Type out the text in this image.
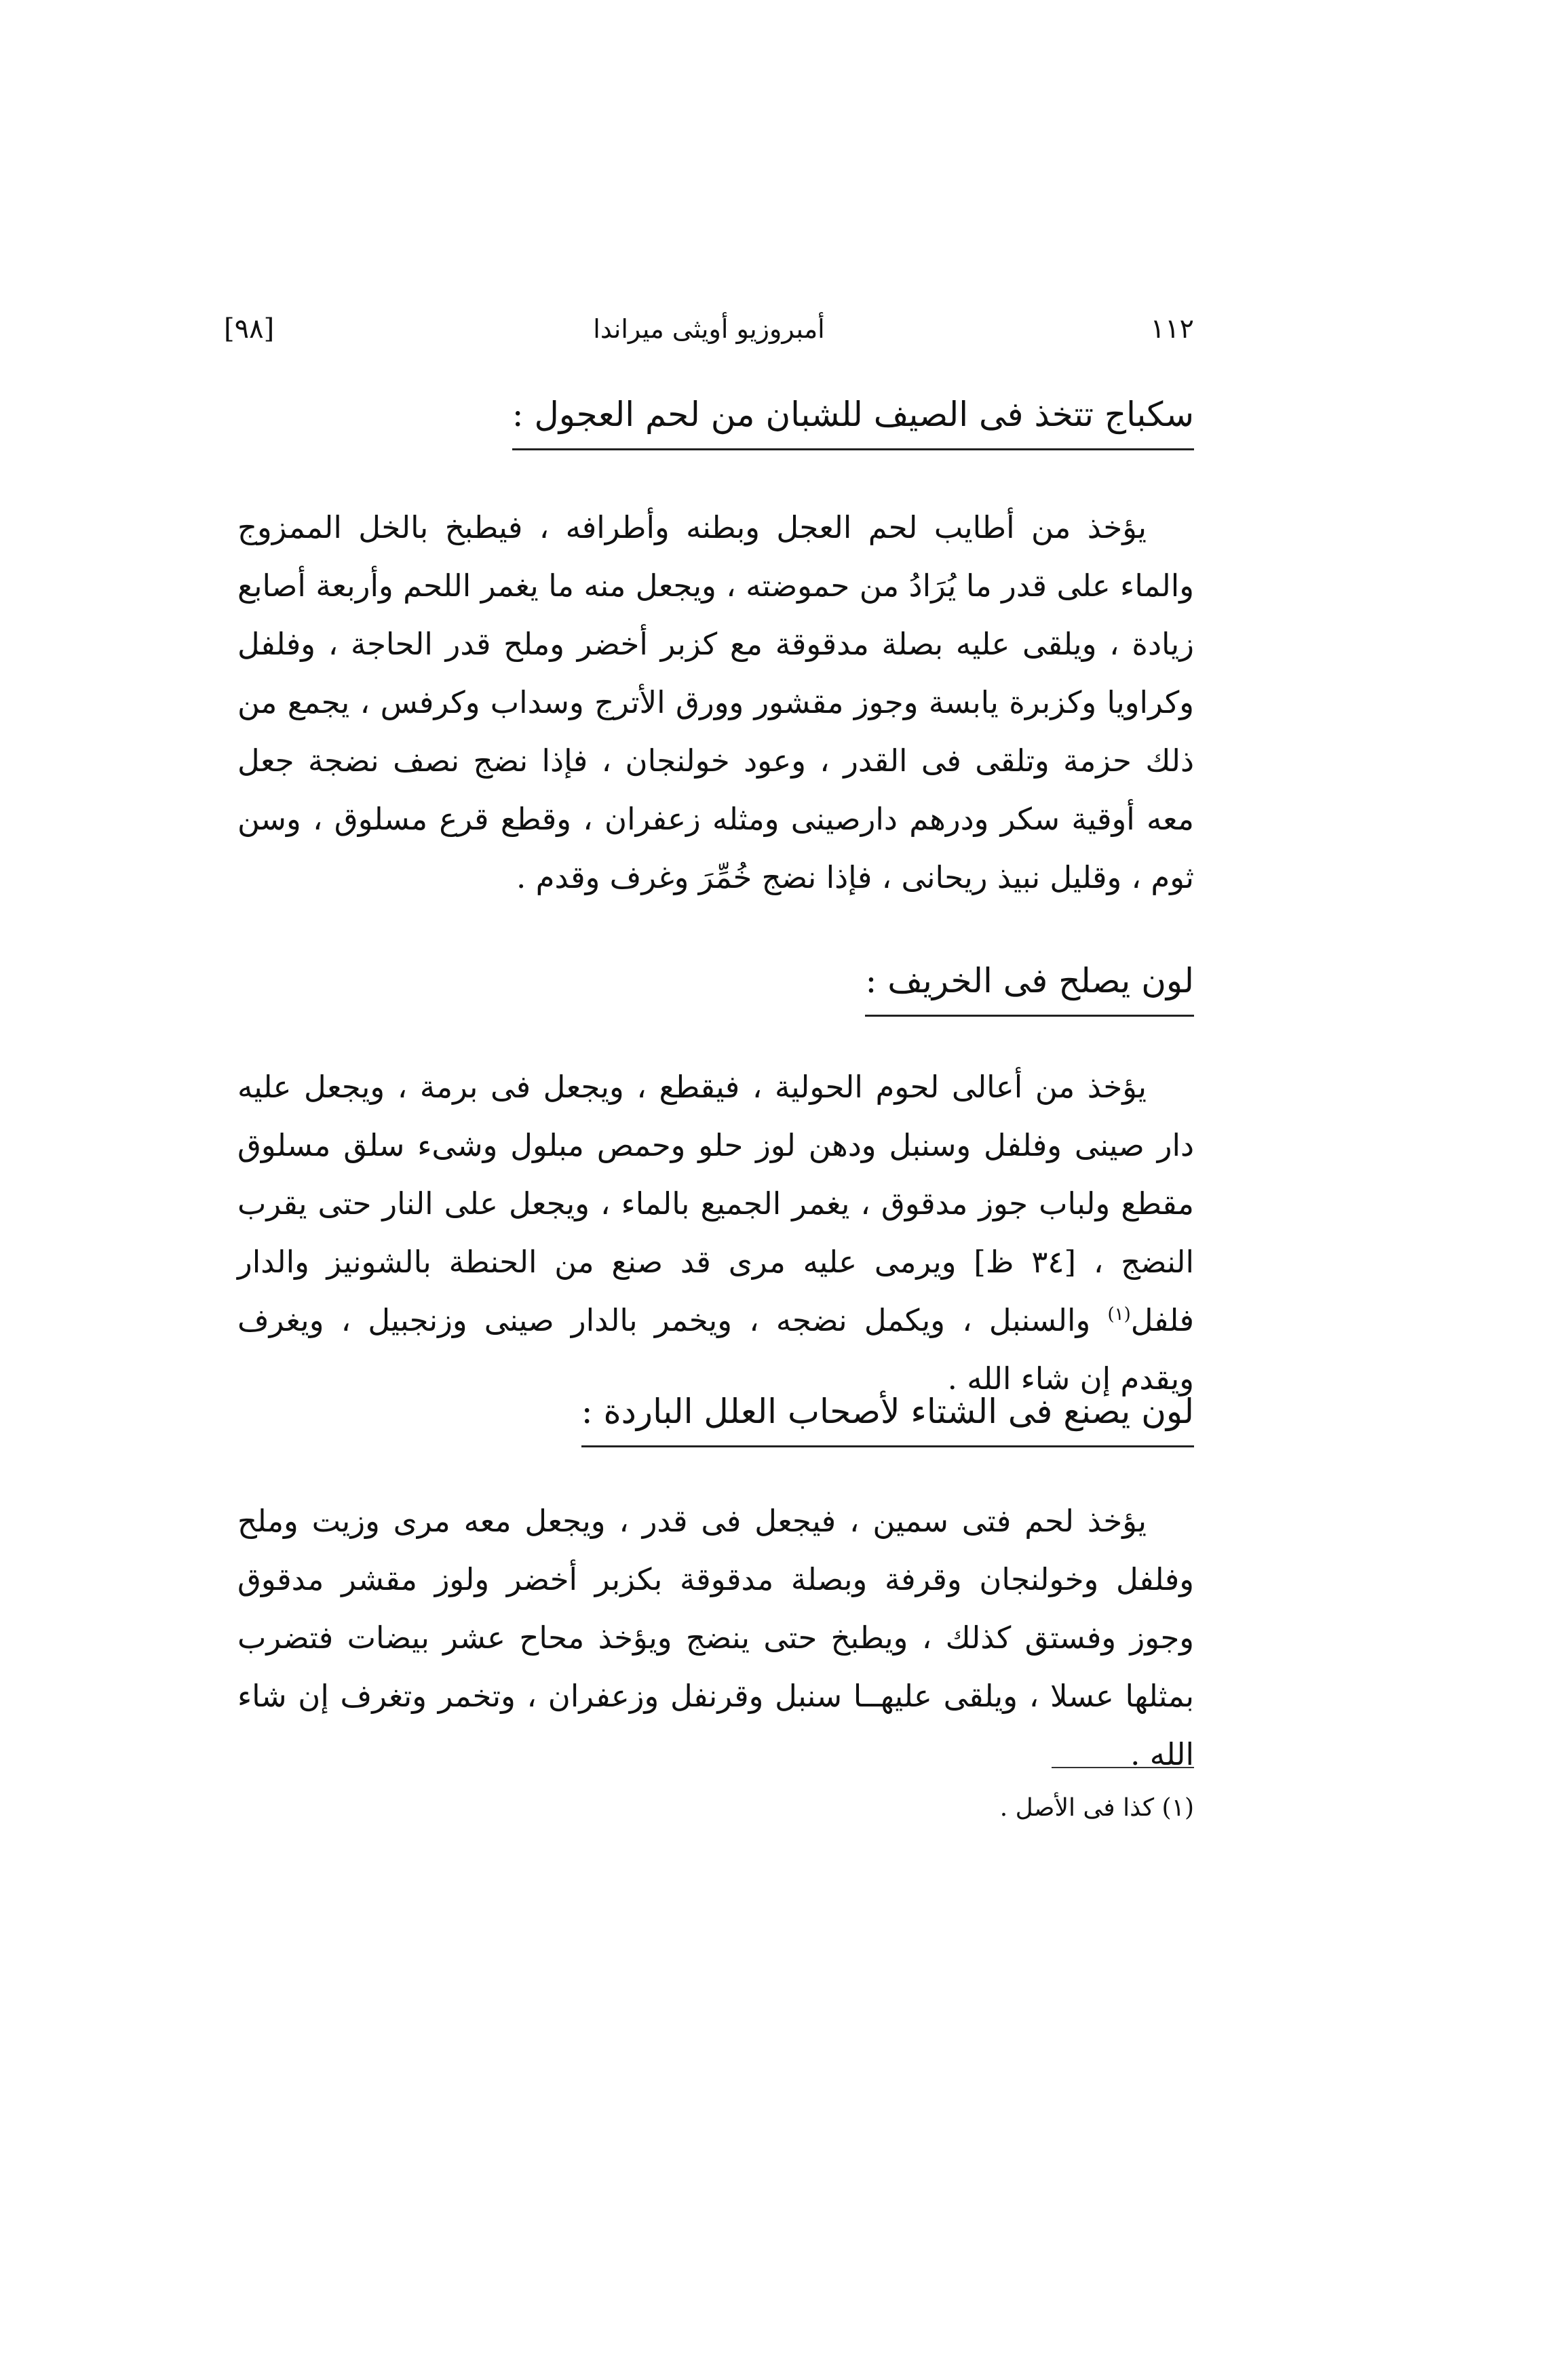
[٩٨]	أمبروزيو أويثى ميراندا	١١٢
سكباج تتخذ فى الصيف للشبان من لحم العجول :

يؤخذ من أطايب لحم العجل وبطنه وأطرافه ، فيطبخ بالخل الممزوج والماء على قدر ما يُرَادُ من حموضته ، ويجعل منه ما يغمر اللحم وأربعة أصابع زيادة ، ويلقى عليه بصلة مدقوقة مع كزبر أخضر وملح قدر الحاجة ، وفلفل وكراويا وكزبرة يابسة وجوز مقشور وورق الأترج وسداب وكرفس ، يجمع من ذلك حزمة وتلقى فى القدر ، وعود خولنجان ، فإذا نضج نصف نضجة جعل معه أوقية سكر ودرهم دارصينى ومثله زعفران ، وقطع قرع مسلوق ، وسن ثوم ، وقليل نبيذ ريحانى ، فإذا نضج خُمِّرَ وغرف وقدم .

لون يصلح فى الخريف :

يؤخذ من أعالى لحوم الحولية ، فيقطع ، ويجعل فى برمة ، ويجعل عليه دار صينى وفلفل وسنبل ودهن لوز حلو وحمص مبلول وشىء سلق مسلوق مقطع ولباب جوز مدقوق ، يغمر الجميع بالماء ، ويجعل على النار حتى يقرب النضج ، [٣٤ ظ] ويرمى عليه مرى قد صنع من الحنطة بالشونيز والدار فلفل$^{(١)}$ والسنبل ، ويكمل نضجه ، ويخمر بالدار صينى وزنجبيل ، ويغرف ويقدم إن شاء الله .

لون يصنع فى الشتاء لأصحاب العلل الباردة :

يؤخذ لحم فتى سمين ، فيجعل فى قدر ، ويجعل معه مرى وزيت وملح وفلفل وخولنجان وقرفة وبصلة مدقوقة بكزبر أخضر ولوز مقشر مدقوق وجوز وفستق كذلك ، ويطبخ حتى ينضج ويؤخذ محاح عشر بيضات فتضرب بمثلها عسلا ، ويلقى عليهــا سنبل وقرنفل وزعفران ، وتخمر وتغرف إن شاء الله .

(١) كذا فى الأصل .
